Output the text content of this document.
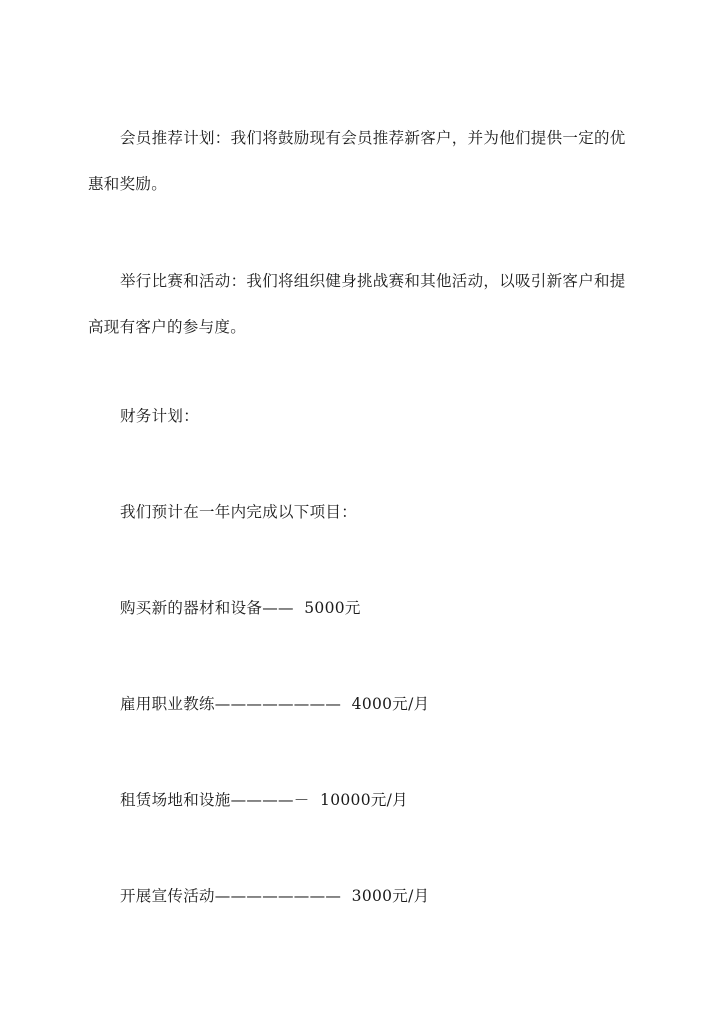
会员推荐计划：我们将鼓励现有会员推荐新客户，并为他们提供一定的优惠和奖励。

举行比赛和活动：我们将组织健身挑战赛和其他活动，以吸引新客户和提高现有客户的参与度。

财务计划：

我们预计在一年内完成以下项目：

购买新的器材和设备——  5000元

雇用职业教练————————  4000元/月

租赁场地和设施————－  10000元/月

开展宣传活动————————  3000元/月
